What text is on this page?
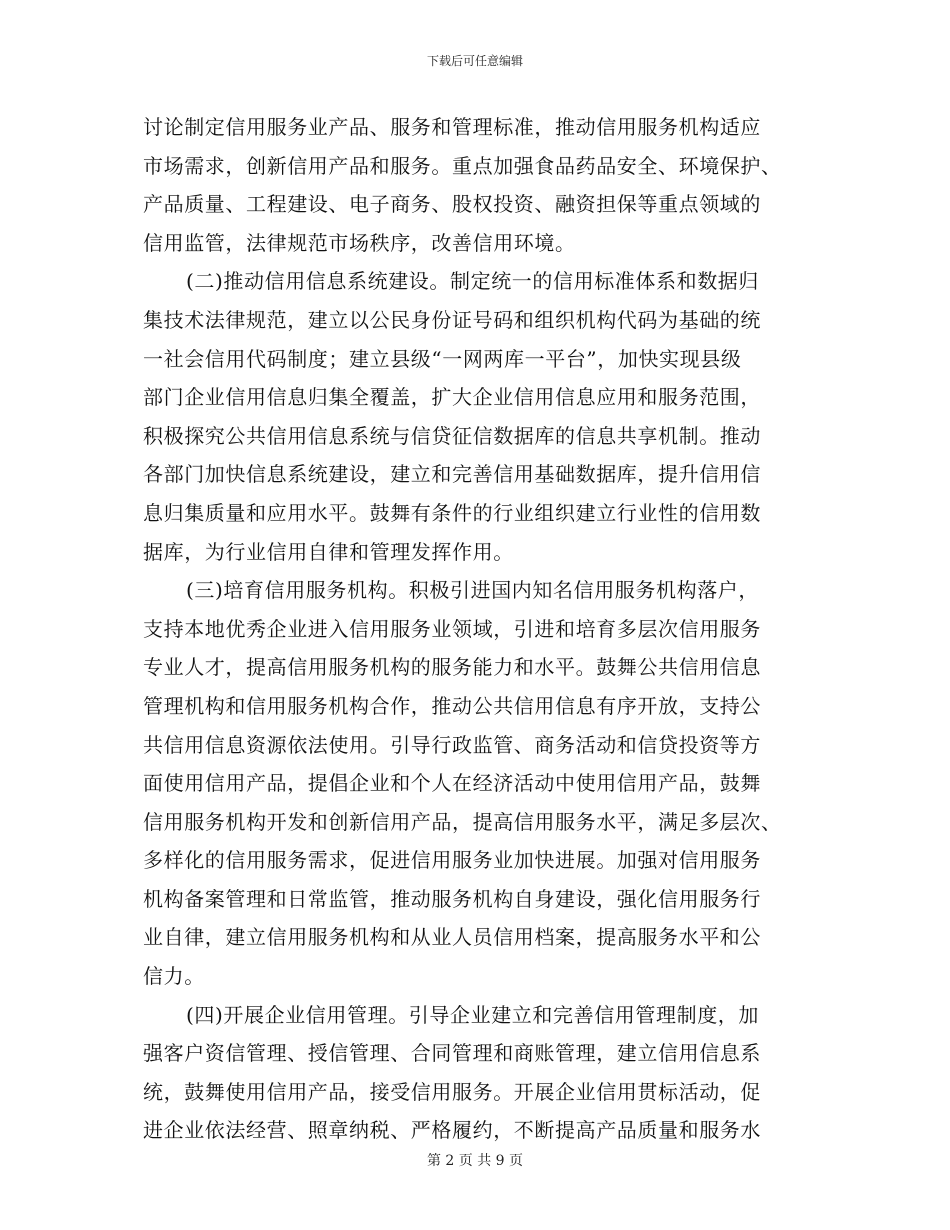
下载后可任意编辑
讨论制定信用服务业产品、服务和管理标准，推动信用服务机构适应
市场需求，创新信用产品和服务。重点加强食品药品安全、环境保护、
产品质量、工程建设、电子商务、股权投资、融资担保等重点领域的
信用监管，法律规范市场秩序，改善信用环境。
(二)推动信用信息系统建设。制定统一的信用标准体系和数据归
集技术法律规范，建立以公民身份证号码和组织机构代码为基础的统
一社会信用代码制度；建立县级“一网两库一平台”，加快实现县级
部门企业信用信息归集全覆盖，扩大企业信用信息应用和服务范围，
积极探究公共信用信息系统与信贷征信数据库的信息共享机制。推动
各部门加快信息系统建设，建立和完善信用基础数据库，提升信用信
息归集质量和应用水平。鼓舞有条件的行业组织建立行业性的信用数
据库，为行业信用自律和管理发挥作用。
(三)培育信用服务机构。积极引进国内知名信用服务机构落户，
支持本地优秀企业进入信用服务业领域，引进和培育多层次信用服务
专业人才，提高信用服务机构的服务能力和水平。鼓舞公共信用信息
管理机构和信用服务机构合作，推动公共信用信息有序开放，支持公
共信用信息资源依法使用。引导行政监管、商务活动和信贷投资等方
面使用信用产品，提倡企业和个人在经济活动中使用信用产品，鼓舞
信用服务机构开发和创新信用产品，提高信用服务水平，满足多层次、
多样化的信用服务需求，促进信用服务业加快进展。加强对信用服务
机构备案管理和日常监管，推动服务机构自身建设，强化信用服务行
业自律，建立信用服务机构和从业人员信用档案，提高服务水平和公
信力。
(四)开展企业信用管理。引导企业建立和完善信用管理制度，加
强客户资信管理、授信管理、合同管理和商账管理，建立信用信息系
统，鼓舞使用信用产品，接受信用服务。开展企业信用贯标活动，促
进企业依法经营、照章纳税、严格履约，不断提高产品质量和服务水
第 2 页 共 9 页
